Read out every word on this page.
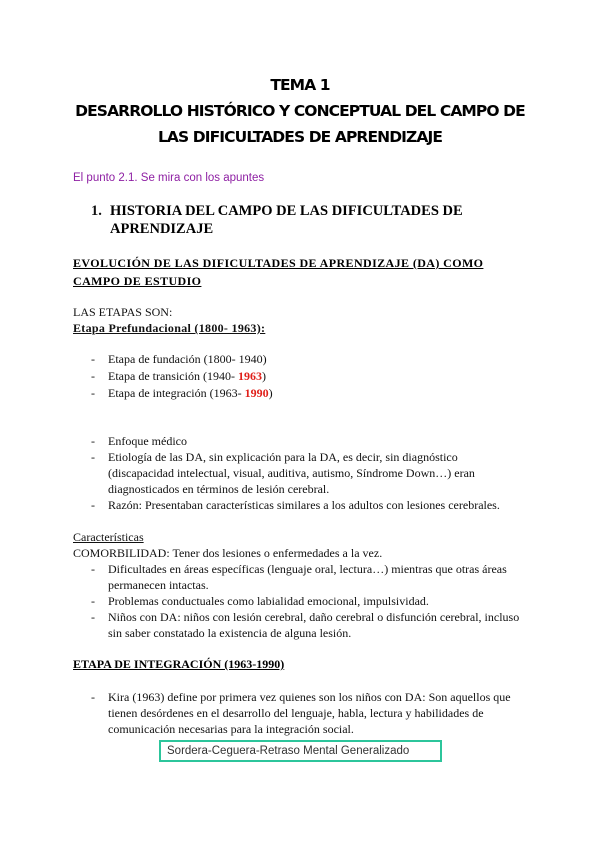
TEMA 1
DESARROLLO HISTÓRICO Y CONCEPTUAL DEL CAMPO DE
LAS DIFICULTADES DE APRENDIZAJE
El punto 2.1. Se mira con los apuntes
1. HISTORIA DEL CAMPO DE LAS DIFICULTADES DE
APRENDIZAJE
EVOLUCIÓN DE LAS DIFICULTADES DE APRENDIZAJE (DA) COMO
CAMPO DE ESTUDIO
LAS ETAPAS SON:
Etapa Prefundacional (1800- 1963):
- Etapa de fundación (1800- 1940)
- Etapa de transición (1940- 1963)
- Etapa de integración (1963- 1990)
- Enfoque médico
- Etiología de las DA, sin explicación para la DA, es decir, sin diagnóstico
(discapacidad intelectual, visual, auditiva, autismo, Síndrome Down…) eran
diagnosticados en términos de lesión cerebral.
- Razón: Presentaban características similares a los adultos con lesiones cerebrales.
Características
COMORBILIDAD: Tener dos lesiones o enfermedades a la vez.
- Dificultades en áreas específicas (lenguaje oral, lectura…) mientras que otras áreas
permanecen intactas.
- Problemas conductuales como labialidad emocional, impulsividad.
- Niños con DA: niños con lesión cerebral, daño cerebral o disfunción cerebral, incluso
sin saber constatado la existencia de alguna lesión.
ETAPA DE INTEGRACIÓN (1963-1990)
- Kira (1963) define por primera vez quienes son los niños con DA: Son aquellos que
tienen desórdenes en el desarrollo del lenguaje, habla, lectura y habilidades de
comunicación necesarias para la integración social.
Sordera-Ceguera-Retraso Mental Generalizado
